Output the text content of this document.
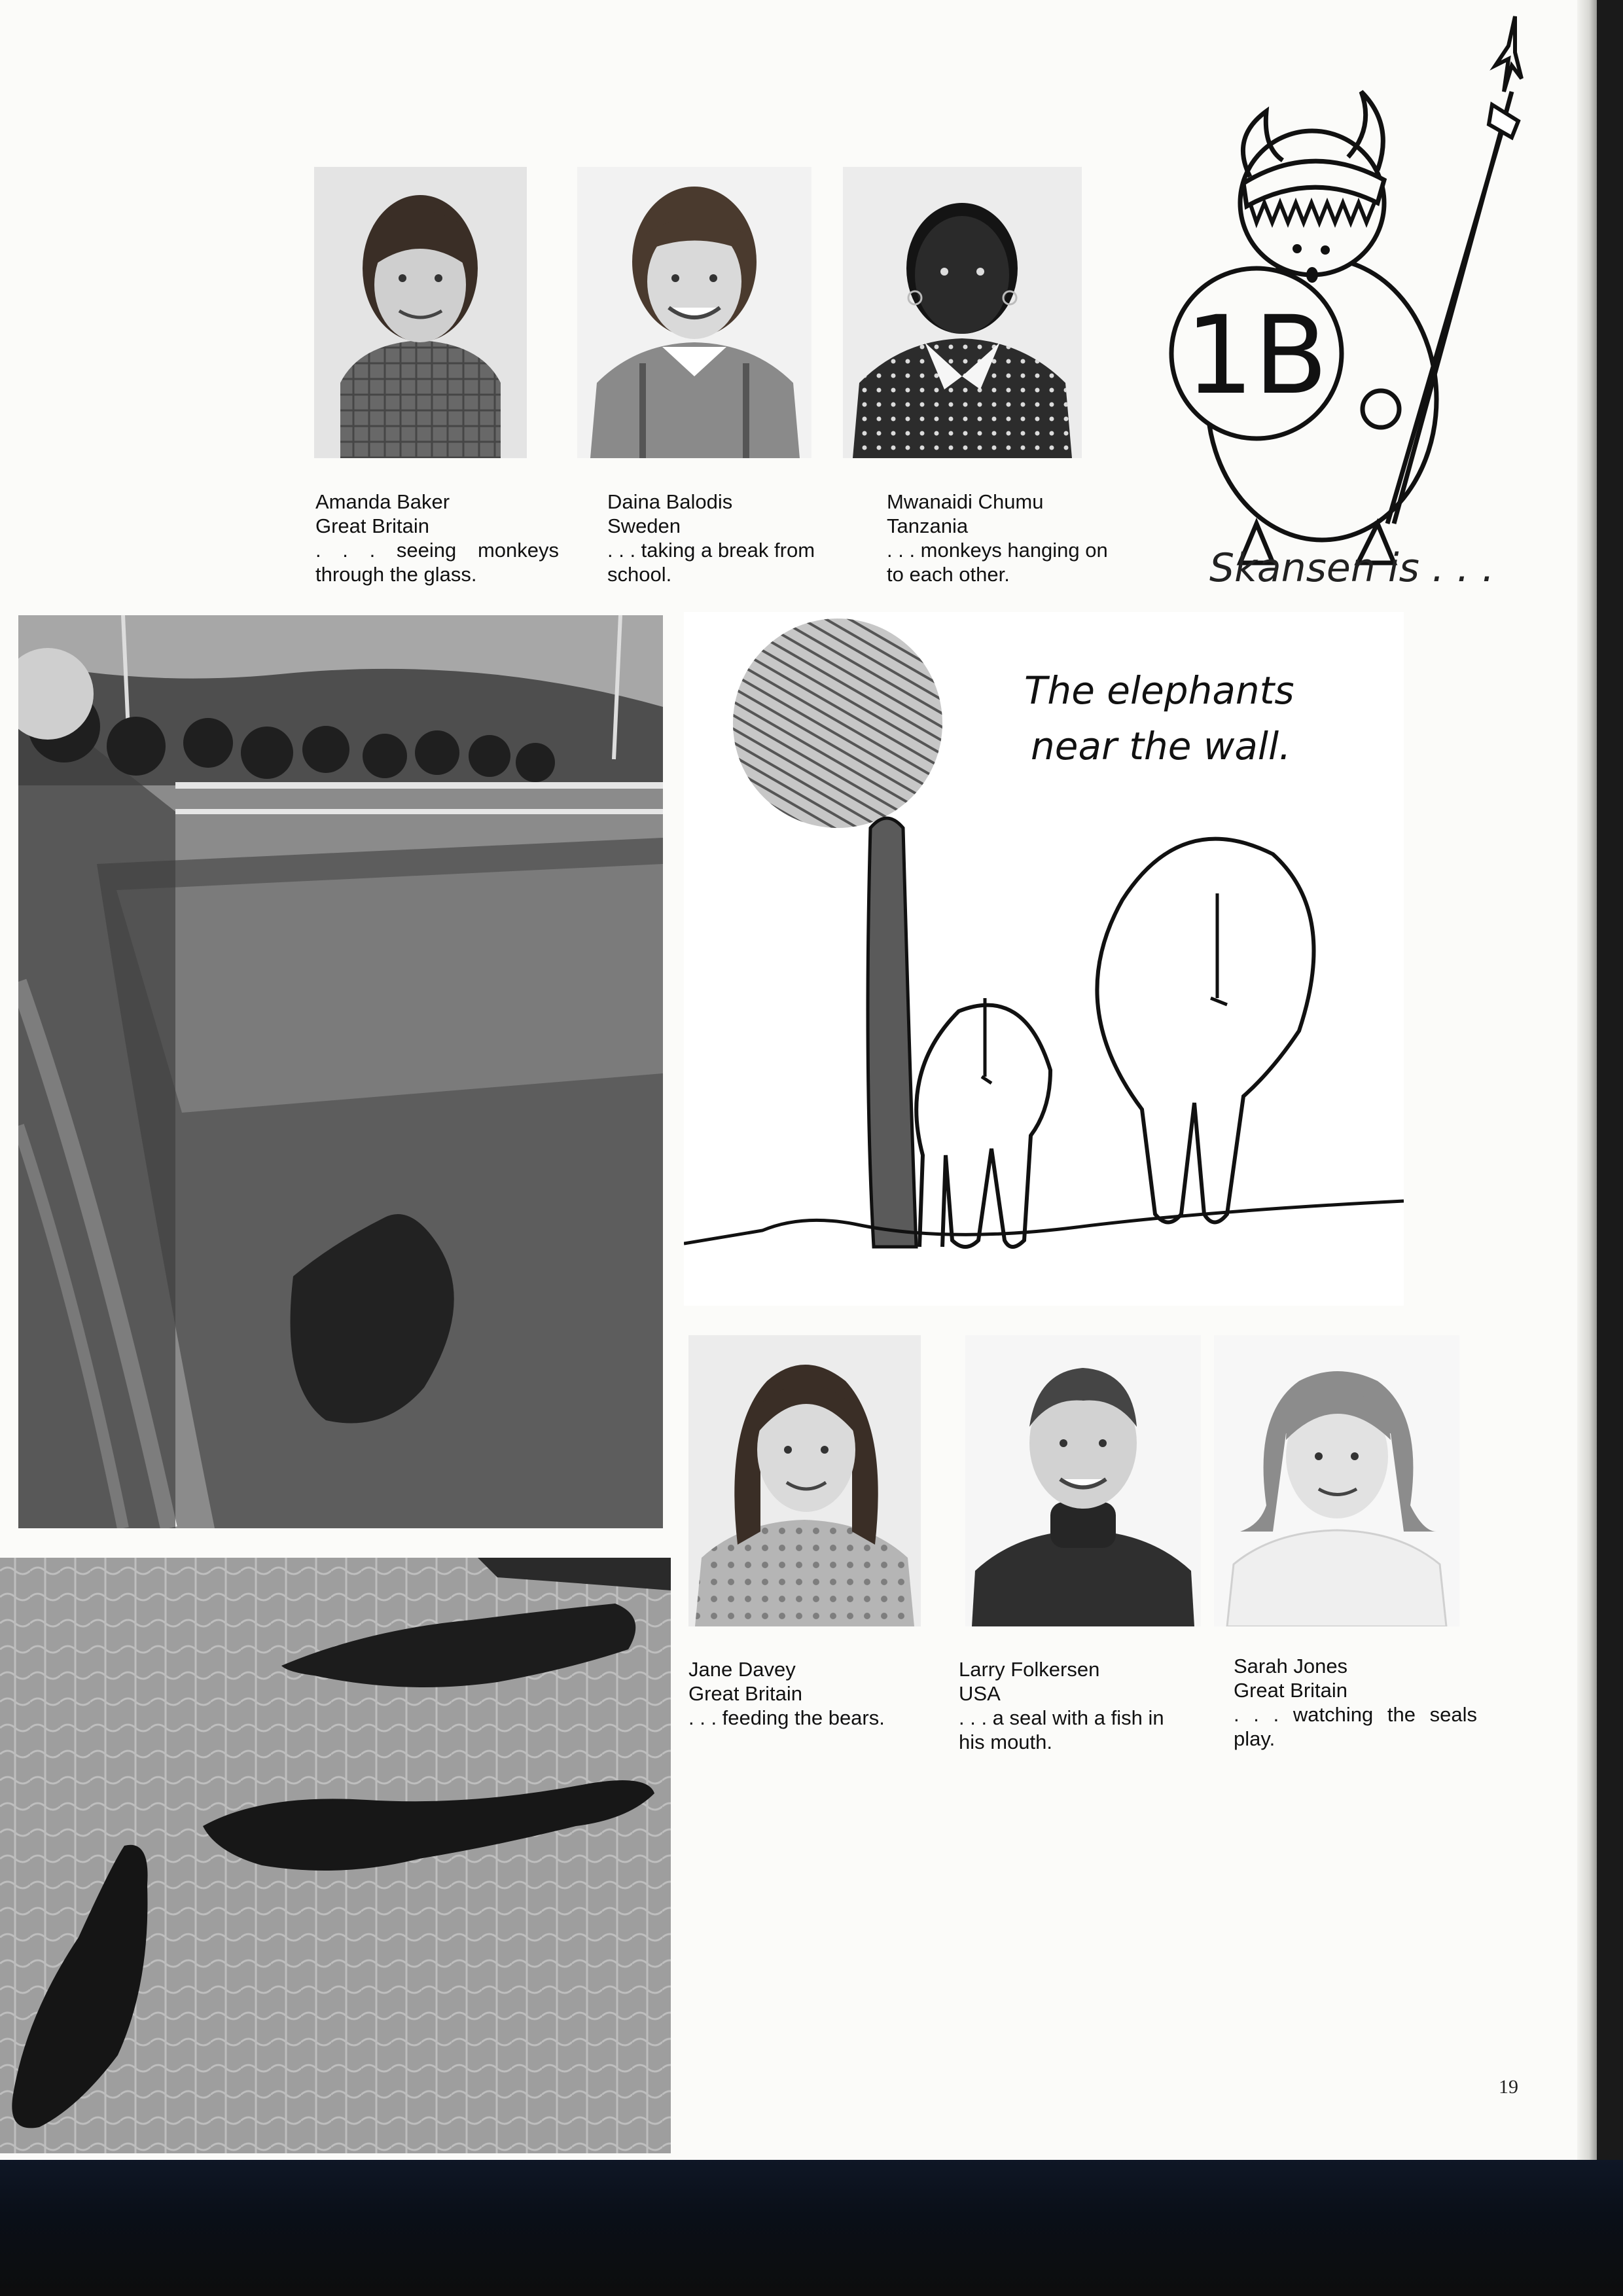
Amanda Baker
Great Britain
. . . seeing monkeys
through the glass.
Daina Balodis
Sweden
. . . taking a break from
school.
Mwanaidi Chumu
Tanzania
. . . monkeys hanging on
to each other.
1B
Skansen is . . .
The elephants
near the wall.
Jane Davey
Great Britain
. . . feeding the bears.
Larry Folkersen
USA
. . . a seal with a fish in
his mouth.
Sarah Jones
Great Britain
. . . watching the seals
play.
19
